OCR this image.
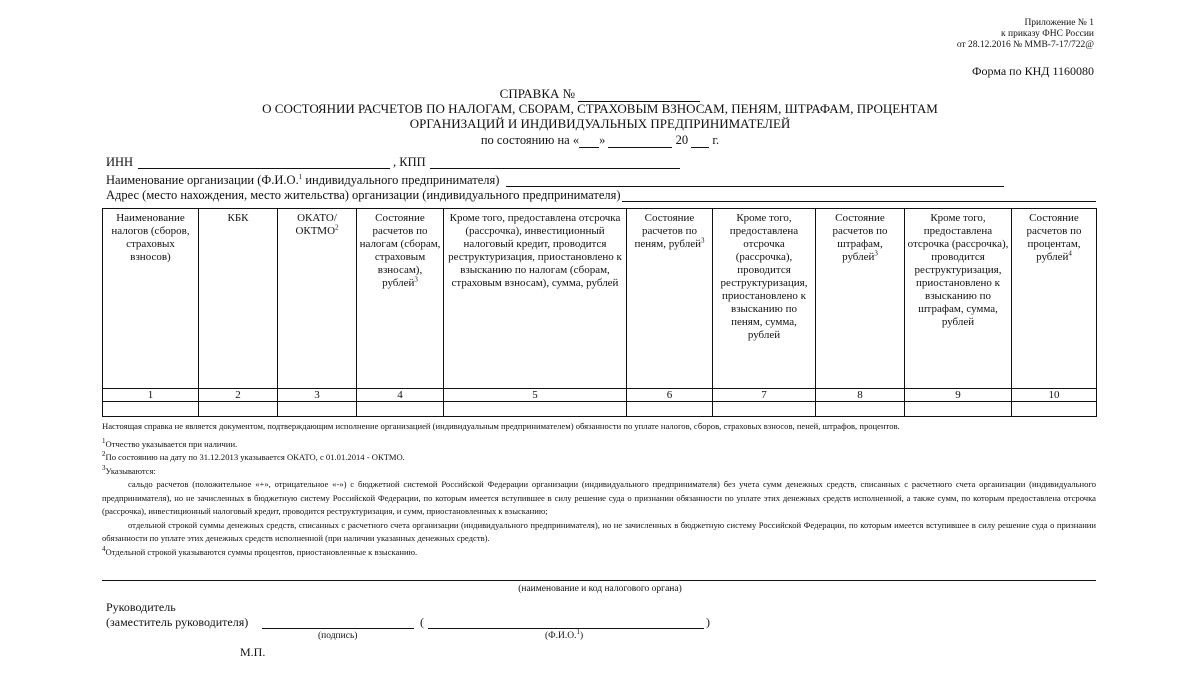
Приложение № 1
к приказу ФНС России
от 28.12.2016 № ММВ-7-17/722@
Форма по КНД 1160080
СПРАВКА №
О СОСТОЯНИИ РАСЧЕТОВ ПО НАЛОГАМ, СБОРАМ, СТРАХОВЫМ ВЗНОСАМ, ПЕНЯМ, ШТРАФАМ, ПРОЦЕНТАМ
ОРГАНИЗАЦИЙ И ИНДИВИДУАЛЬНЫХ ПРЕДПРИНИМАТЕЛЕЙ
по состоянию на « »	20 г.
ИНН	, КПП
Наименование организации (Ф.И.О.$^1$ индивидуального предпринимателя)
Адрес (место нахождения, место жительства) организации (индивидуального предпринимателя)
Наименование налогов (сборов, страховых взносов)	КБК	ОКАТО/ ОКТМО$^2$	Состояние расчетов по налогам (сборам, страховым взносам), рублей$^3$	Кроме того, предоставлена отсрочка (рассрочка), инвестиционный налоговый кредит, проводится реструктуризация, приостановлено к взысканию по налогам (сборам, страховым взносам), сумма, рублей	Состояние расчетов по пеням, рублей$^3$	Кроме того, предоставлена отсрочка (рассрочка), проводится реструктуризация, приостановлено к взысканию по пеням, сумма, рублей	Состояние расчетов по штрафам, рублей$^3$	Кроме того, предоставлена отсрочка (рассрочка), проводится реструктуризация, приостановлено к взысканию по штрафам, сумма, рублей	Состояние расчетов по процентам, рублей$^4$
1	2	3	4	5	6	7	8	9	10

Настоящая справка не является документом, подтверждающим исполнение организацией (индивидуальным предпринимателем) обязанности по уплате налогов, сборов, страховых взносов, пеней, штрафов, процентов.

$^1$Отчество указывается при наличии.

$^2$По состоянию на дату по 31.12.2013 указывается ОКАТО, с 01.01.2014 - ОКТМО.

$^3$Указываются:

сальдо расчетов (положительное «+», отрицательное «-») с бюджетной системой Российской Федерации организации (индивидуального предпринимателя) без учета сумм денежных средств, списанных с расчетного счета организации (индивидуального предпринимателя), но не зачисленных в бюджетную систему Российской Федерации, по которым имеется вступившее в силу решение суда о признании обязанности по уплате этих денежных средств исполненной, а также сумм, по которым предоставлена отсрочка (рассрочка), инвестиционный налоговый кредит, проводится реструктуризация, и сумм, приостановленных к взысканию;

отдельной строкой суммы денежных средств, списанных с расчетного счета организации (индивидуального предпринимателя), но не зачисленных в бюджетную систему Российской Федерации, по которым имеется вступившее в силу решение суда о признании обязанности по уплате этих денежных средств исполненной (при наличии указанных денежных средств).

$^4$Отдельной строкой указываются суммы процентов, приостановленные к взысканию.

(наименование и код налогового органа)
Руководитель
(заместитель руководителя)	(	)
(подпись)	(Ф.И.О.$^1$)
М.П.
